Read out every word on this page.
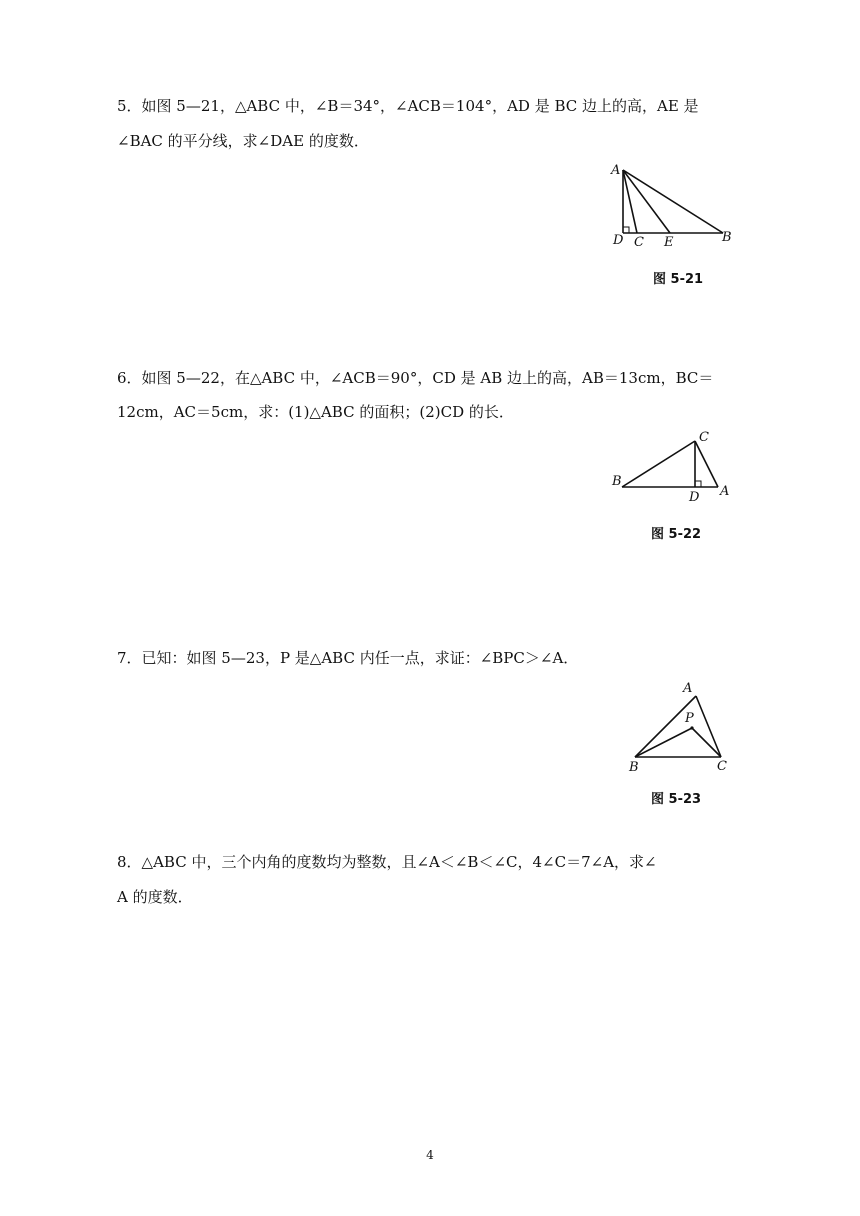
5．如图 5—21，△ABC 中，∠B＝34°，∠ACB＝104°，AD 是 BC 边上的高，AE 是
∠BAC 的平分线，求∠DAE 的度数．
A
D C E	B
图 5-21
6．如图 5—22，在△ABC 中，∠ACB＝90°，CD 是 AB 边上的高，AB＝13cm，BC＝
12cm，AC＝5cm，求：(1)△ABC 的面积；(2)CD 的长．
C
B
D A
图 5-22
7．已知：如图 5—23，P 是△ABC 内任一点，求证：∠BPC＞∠A．
A
P
B	C
图 5-23
8．△ABC 中，三个内角的度数均为整数，且∠A＜∠B＜∠C，4∠C＝7∠A，求∠
A 的度数．
4
